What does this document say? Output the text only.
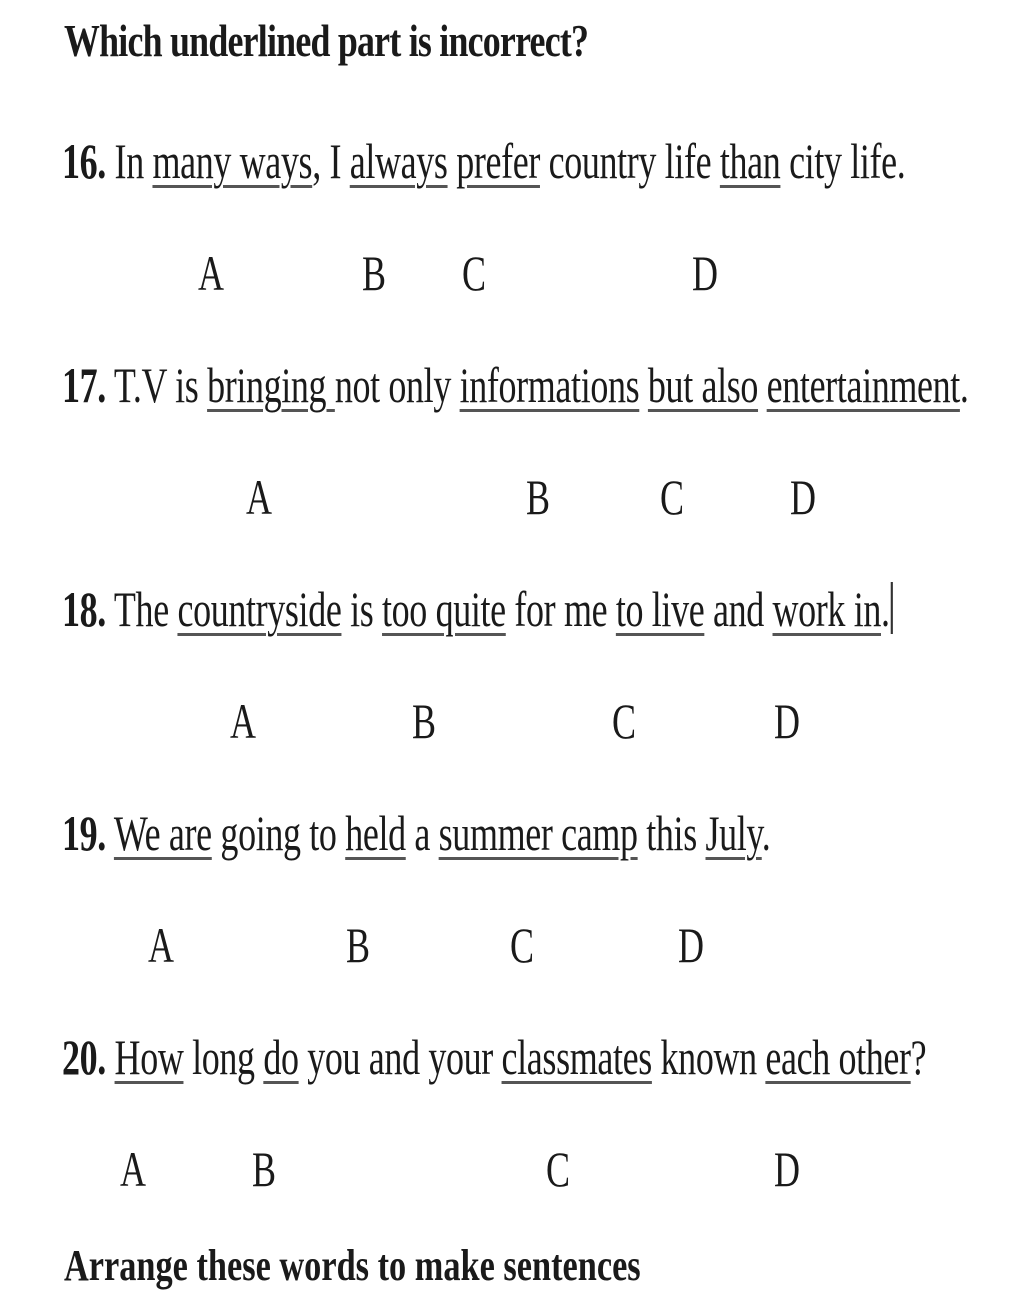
Which underlined part is incorrect?
16. In many ways, I always prefer country life than city life.
A	B C	D
17. T.V is bringing not only informations but also entertainment.
A	B C D
18. The countryside is too quite for me to live and work in.
A	B	C	D
19. We are going to held a summer camp this July.
A	B	C	D
20. How long do you and your classmates known each other?
A B	C	D
Arrange these words to make sentences
